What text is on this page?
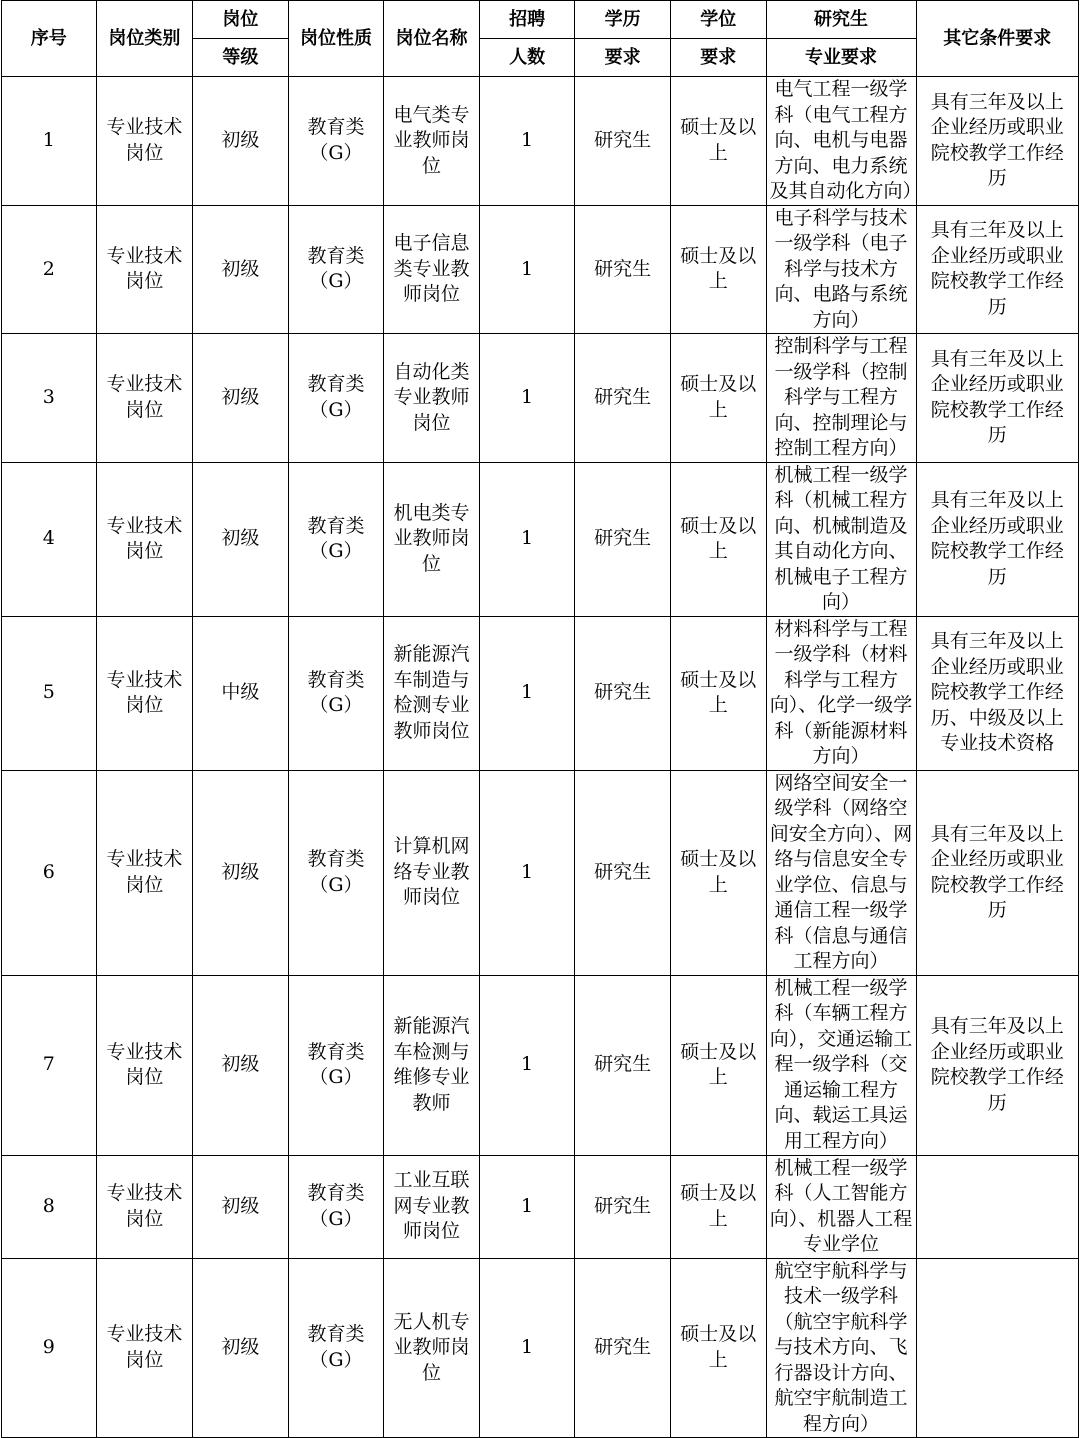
序号	岗位类别	岗位	岗位性质	岗位名称	招聘	学历	学位	研究生	其它条件要求
		等级			人数	要求	要求	专业要求	
1	专业技术岗位	初级	教育类（G）	电气类专业教师岗位	1	研究生	硕士及以上	电气工程一级学科（电气工程方向、电机与电器方向、电力系统及其自动化方向）	具有三年及以上企业经历或职业院校教学工作经历
2	专业技术岗位	初级	教育类（G）	电子信息类专业教师岗位	1	研究生	硕士及以上	电子科学与技术一级学科（电子科学与技术方向、电路与系统方向）	具有三年及以上企业经历或职业院校教学工作经历
3	专业技术岗位	初级	教育类（G）	自动化类专业教师岗位	1	研究生	硕士及以上	控制科学与工程一级学科（控制科学与工程方向、控制理论与控制工程方向）	具有三年及以上企业经历或职业院校教学工作经历
4	专业技术岗位	初级	教育类（G）	机电类专业教师岗位	1	研究生	硕士及以上	机械工程一级学科（机械工程方向、机械制造及其自动化方向、机械电子工程方向）	具有三年及以上企业经历或职业院校教学工作经历
5	专业技术岗位	中级	教育类（G）	新能源汽车制造与检测专业教师岗位	1	研究生	硕士及以上	材料科学与工程一级学科（材料科学与工程方向）、化学一级学科（新能源材料方向）	具有三年及以上企业经历或职业院校教学工作经历、中级及以上专业技术资格
6	专业技术岗位	初级	教育类（G）	计算机网络专业教师岗位	1	研究生	硕士及以上	网络空间安全一级学科（网络空间安全方向）、网络与信息安全专业学位、信息与通信工程一级学科（信息与通信工程方向）	具有三年及以上企业经历或职业院校教学工作经历
7	专业技术岗位	初级	教育类（G）	新能源汽车检测与维修专业教师	1	研究生	硕士及以上	机械工程一级学科（车辆工程方向），交通运输工程一级学科（交通运输工程方向、载运工具运用工程方向）	具有三年及以上企业经历或职业院校教学工作经历
8	专业技术岗位	初级	教育类（G）	工业互联网专业教师岗位	1	研究生	硕士及以上	机械工程一级学科（人工智能方向）、机器人工程专业学位	
9	专业技术岗位	初级	教育类（G）	无人机专业教师岗位	1	研究生	硕士及以上	航空宇航科学与技术一级学科（航空宇航科学与技术方向、飞行器设计方向、航空宇航制造工程方向）	
